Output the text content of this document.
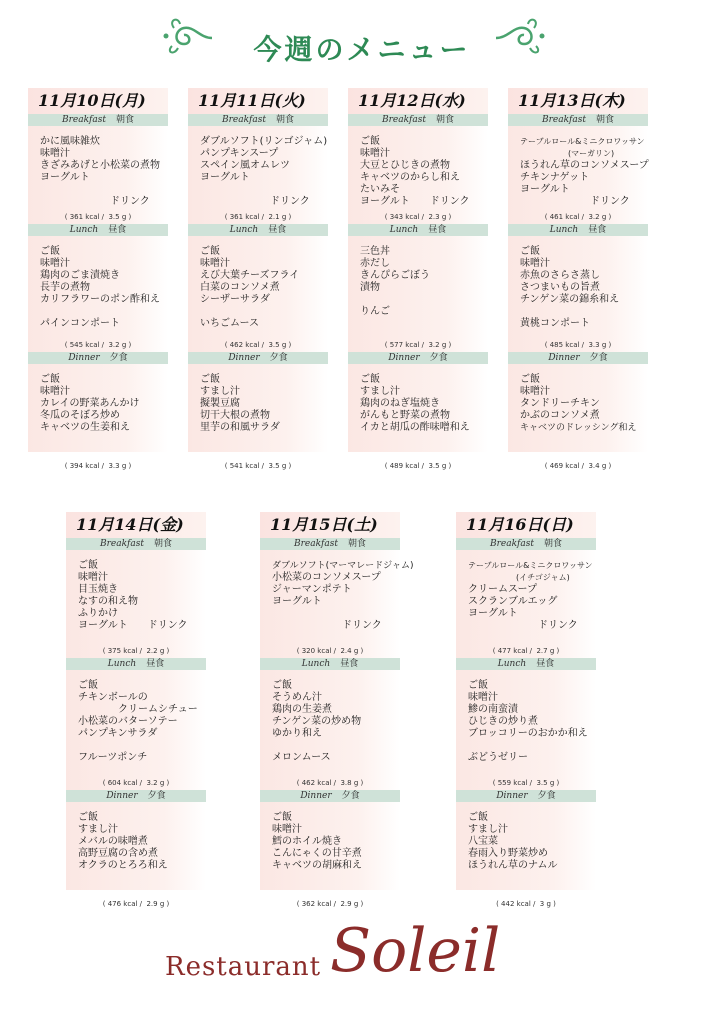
今週のメニュー
11月10日(月)
Breakfast 朝食
かに風味雑炊
味噌汁
きざみあげと小松菜の煮物
ヨーグルト
　　　　　　　ドリンク
( 361 kcal /  3.5 g )
Lunch 昼食
ご飯
味噌汁
鶏肉のごま漬焼き
長芋の煮物
カリフラワーのポン酢和え
パインコンポート
( 545 kcal /  3.2 g )
Dinner 夕食
ご飯
味噌汁
カレイの野菜あんかけ
冬瓜のそぼろ炒め
キャベツの生姜和え
( 394 kcal /  3.3 g )
11月11日(火)
Breakfast 朝食
ダブルソフト(リンゴジャム)
パンプキンスープ
スペイン風オムレツ
ヨーグルト
　　　　　　　ドリンク
( 361 kcal /  2.1 g )
Lunch 昼食
ご飯
味噌汁
えび大葉チーズフライ
白菜のコンソメ煮
シーザーサラダ
いちごムース
( 462 kcal /  3.5 g )
Dinner 夕食
ご飯
すまし汁
擬製豆腐
切干大根の煮物
里芋の和風サラダ
( 541 kcal /  3.5 g )
11月12日(水)
Breakfast 朝食
ご飯
味噌汁
大豆とひじきの煮物
キャベツのからし和え
たいみそ
ヨーグルト　　ドリンク
( 343 kcal /  2.3 g )
Lunch 昼食
三色丼
赤だし
きんぴらごぼう
漬物
りんご
( 577 kcal /  3.2 g )
Dinner 夕食
ご飯
すまし汁
鶏肉のねぎ塩焼き
がんもと野菜の煮物
イカと胡瓜の酢味噌和え
( 489 kcal /  3.5 g )
11月13日(木)
Breakfast 朝食
テーブルロール&ミニクロワッサン
　　　　　　(マーガリン)
ほうれん草のコンソメスープ
チキンナゲット
ヨーグルト
　　　　　　　ドリンク
( 461 kcal /  3.2 g )
Lunch 昼食
ご飯
味噌汁
赤魚のさらさ蒸し
さつまいもの旨煮
チンゲン菜の錦糸和え
黄桃コンポート
( 485 kcal /  3.3 g )
Dinner 夕食
ご飯
味噌汁
タンドリーチキン
かぶのコンソメ煮
キャベツのドレッシング和え
( 469 kcal /  3.4 g )
11月14日(金)
Breakfast 朝食
ご飯
味噌汁
目玉焼き
なすの和え物
ふりかけ
ヨーグルト　　ドリンク
( 375 kcal /  2.2 g )
Lunch 昼食
ご飯
チキンボールの
　　　　クリームシチュー
小松菜のバターソテー
パンプキンサラダ
フルーツポンチ
( 604 kcal /  3.2 g )
Dinner 夕食
ご飯
すまし汁
メバルの味噌煮
高野豆腐の含め煮
オクラのとろろ和え
( 476 kcal /  2.9 g )
11月15日(土)
Breakfast 朝食
ダブルソフト(マーマレードジャム)
小松菜のコンソメスープ
ジャーマンポテト
ヨーグルト
　　　　　　　ドリンク
( 320 kcal /  2.4 g )
Lunch 昼食
ご飯
そうめん汁
鶏肉の生姜煮
チンゲン菜の炒め物
ゆかり和え
メロンムース
( 462 kcal /  3.8 g )
Dinner 夕食
ご飯
味噌汁
鱈のホイル焼き
こんにゃくの甘辛煮
キャベツの胡麻和え
( 362 kcal /  2.9 g )
11月16日(日)
Breakfast 朝食
テーブルロール&ミニクロワッサン
　　　　　　(イチゴジャム)
クリームスープ
スクランブルエッグ
ヨーグルト
　　　　　　　ドリンク
( 477 kcal /  2.7 g )
Lunch 昼食
ご飯
味噌汁
鯵の南蛮漬
ひじきの炒り煮
ブロッコリーのおかか和え
ぶどうゼリー
( 559 kcal /  3.5 g )
Dinner 夕食
ご飯
すまし汁
八宝菜
春雨入り野菜炒め
ほうれん草のナムル
( 442 kcal /  3 g )
Restaurant Soleil
